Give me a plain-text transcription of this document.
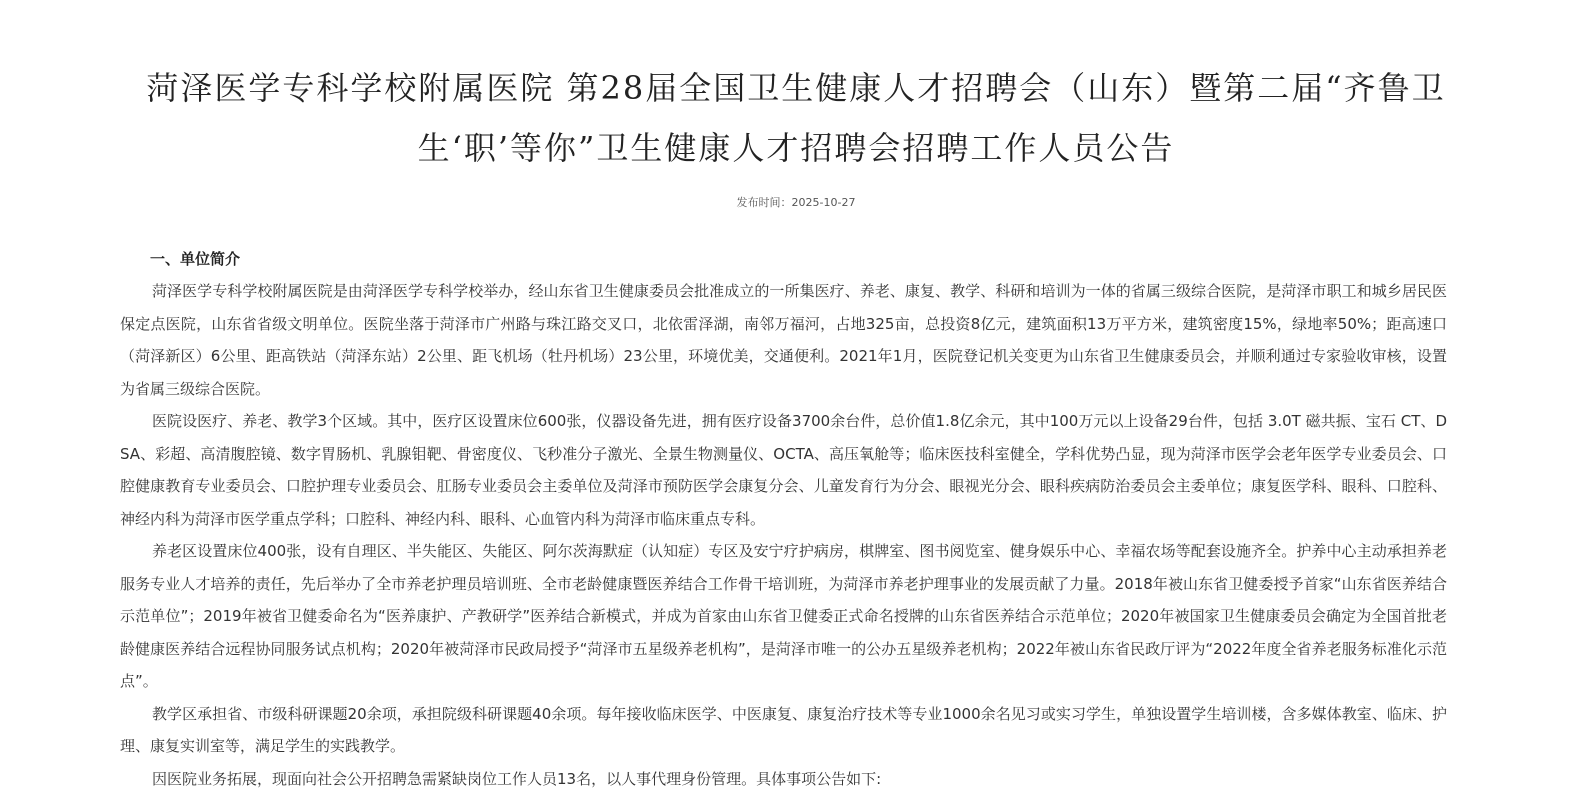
菏泽医学专科学校附属医院 第28届全国卫生健康人才招聘会（山东）暨第二届“齐鲁卫生‘职’等你”卫生健康人才招聘会招聘工作人员公告
发布时间：2025-10-27

一、单位简介

菏泽医学专科学校附属医院是由菏泽医学专科学校举办，经山东省卫生健康委员会批准成立的一所集医疗、养老、康复、教学、科研和培训为一体的省属三级综合医院，是菏泽市职工和城乡居民医保定点医院，山东省省级文明单位。医院坐落于菏泽市广州路与珠江路交叉口，北依雷泽湖，南邻万福河，占地325亩，总投资8亿元，建筑面积13万平方米，建筑密度15%，绿地率50%；距高速口（菏泽新区）6公里、距高铁站（菏泽东站）2公里、距飞机场（牡丹机场）23公里，环境优美，交通便利。2021年1月，医院登记机关变更为山东省卫生健康委员会，并顺利通过专家验收审核，设置为省属三级综合医院。

医院设医疗、养老、教学3个区域。其中，医疗区设置床位600张，仪器设备先进，拥有医疗设备3700余台件，总价值1.8亿余元，其中100万元以上设备29台件，包括 3.0T 磁共振、宝石 CT、DSA、彩超、高清腹腔镜、数字胃肠机、乳腺钼靶、骨密度仪、飞秒准分子激光、全景生物测量仪、OCTA、高压氧舱等；临床医技科室健全，学科优势凸显，现为菏泽市医学会老年医学专业委员会、口腔健康教育专业委员会、口腔护理专业委员会、肛肠专业委员会主委单位及菏泽市预防医学会康复分会、儿童发育行为分会、眼视光分会、眼科疾病防治委员会主委单位；康复医学科、眼科、口腔科、神经内科为菏泽市医学重点学科；口腔科、神经内科、眼科、心血管内科为菏泽市临床重点专科。

养老区设置床位400张，设有自理区、半失能区、失能区、阿尔茨海默症（认知症）专区及安宁疗护病房，棋牌室、图书阅览室、健身娱乐中心、幸福农场等配套设施齐全。护养中心主动承担养老服务专业人才培养的责任，先后举办了全市养老护理员培训班、全市老龄健康暨医养结合工作骨干培训班，为菏泽市养老护理事业的发展贡献了力量。2018年被山东省卫健委授予首家“山东省医养结合示范单位”；2019年被省卫健委命名为“医养康护、产教研学”医养结合新模式，并成为首家由山东省卫健委正式命名授牌的山东省医养结合示范单位；2020年被国家卫生健康委员会确定为全国首批老龄健康医养结合远程协同服务试点机构；2020年被菏泽市民政局授予“菏泽市五星级养老机构”，是菏泽市唯一的公办五星级养老机构；2022年被山东省民政厅评为“2022年度全省养老服务标准化示范点”。

教学区承担省、市级科研课题20余项，承担院级科研课题40余项。每年接收临床医学、中医康复、康复治疗技术等专业1000余名见习或实习学生，单独设置学生培训楼，含多媒体教室、临床、护理、康复实训室等，满足学生的实践教学。

因医院业务拓展，现面向社会公开招聘急需紧缺岗位工作人员13名，以人事代理身份管理。具体事项公告如下:
